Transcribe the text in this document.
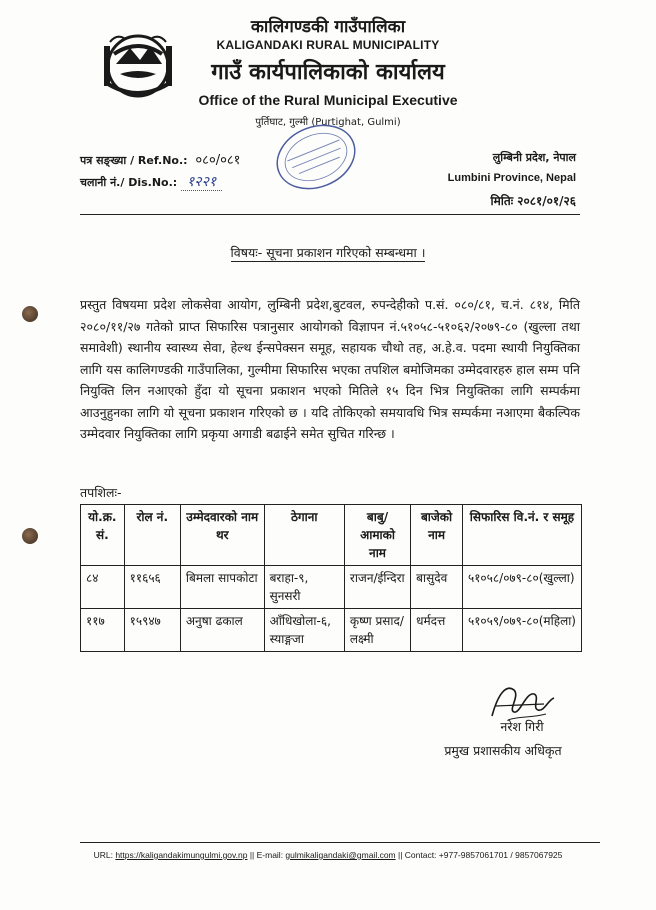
कालिगण्डकी गाउँपालिका
KALIGANDAKI RURAL MUNICIPALITY
गाउँ कार्यपालिकाको कार्यालय
Office of the Rural Municipal Executive
पुर्तिघाट, गुल्मी (Purtighat, Gulmi)
पत्र सङ्ख्या / Ref.No.: ०८०/०८१
चलानी नं./ Dis.No.: १२२१
लुम्बिनी प्रदेश, नेपाल
Lumbini Province, Nepal
मितिः २०८१/०१/२६
विषयः- सूचना प्रकाशन गरिएको सम्बन्धमा ।
प्रस्तुत विषयमा प्रदेश लोकसेवा आयोग, लुम्बिनी प्रदेश,बुटवल, रुपन्देहीको प.सं. ०८०/८१, च.नं. ८१४, मिति २०८०/११/२७ गतेको प्राप्त सिफारिस पत्रानुसार आयोगको विज्ञापन नं.५१०५८-५१०६२/२०७९-८० (खुल्ला तथा समावेशी) स्थानीय स्वास्थ्य सेवा, हेल्थ ईन्सपेक्सन समूह, सहायक चौथो तह, अ.हे.व. पदमा स्थायी नियुक्तिका लागि यस कालिगण्डकी गाउँपालिका, गुल्मीमा सिफारिस भएका तपशिल बमोजिमका उम्मेदवारहरु हाल सम्म पनि नियुक्ति लिन नआएको हुँदा यो सूचना प्रकाशन भएको मितिले १५ दिन भित्र नियुक्तिका लागि सम्पर्कमा आउनुहुनका लागि यो सूचना प्रकाशन गरिएको छ । यदि तोकिएको समयावधि भित्र सम्पर्कमा नआएमा बैकल्पिक उम्मेदवार नियुक्तिका लागि प्रकृया अगाडी बढाईने समेत सुचित गरिन्छ ।
तपशिलः-
यो.क्र. सं.	रोल नं.	उम्मेदवारको नाम थर	ठेगाना	बाबु/आमाको नाम	बाजेको नाम	सिफारिस वि.नं. र समूह
८४	११६५६	बिमला सापकोटा	बराहा-९, सुनसरी	राजन/ईन्दिरा	बासुदेव	५१०५८/०७९-८०(खुल्ला)
११७	१५९४७	अनुषा ढकाल	आँधिखोला-६, स्याङ्गजा	कृष्ण प्रसाद/लक्ष्मी	धर्मदत्त	५१०५९/०७९-८०(महिला)
नरेश गिरी
प्रमुख प्रशासकीय अधिकृत
URL: https://kaligandakimungulmi.gov.np || E-mail: gulmikaligandaki@gmail.com || Contact: +977-9857061701 / 9857067925
